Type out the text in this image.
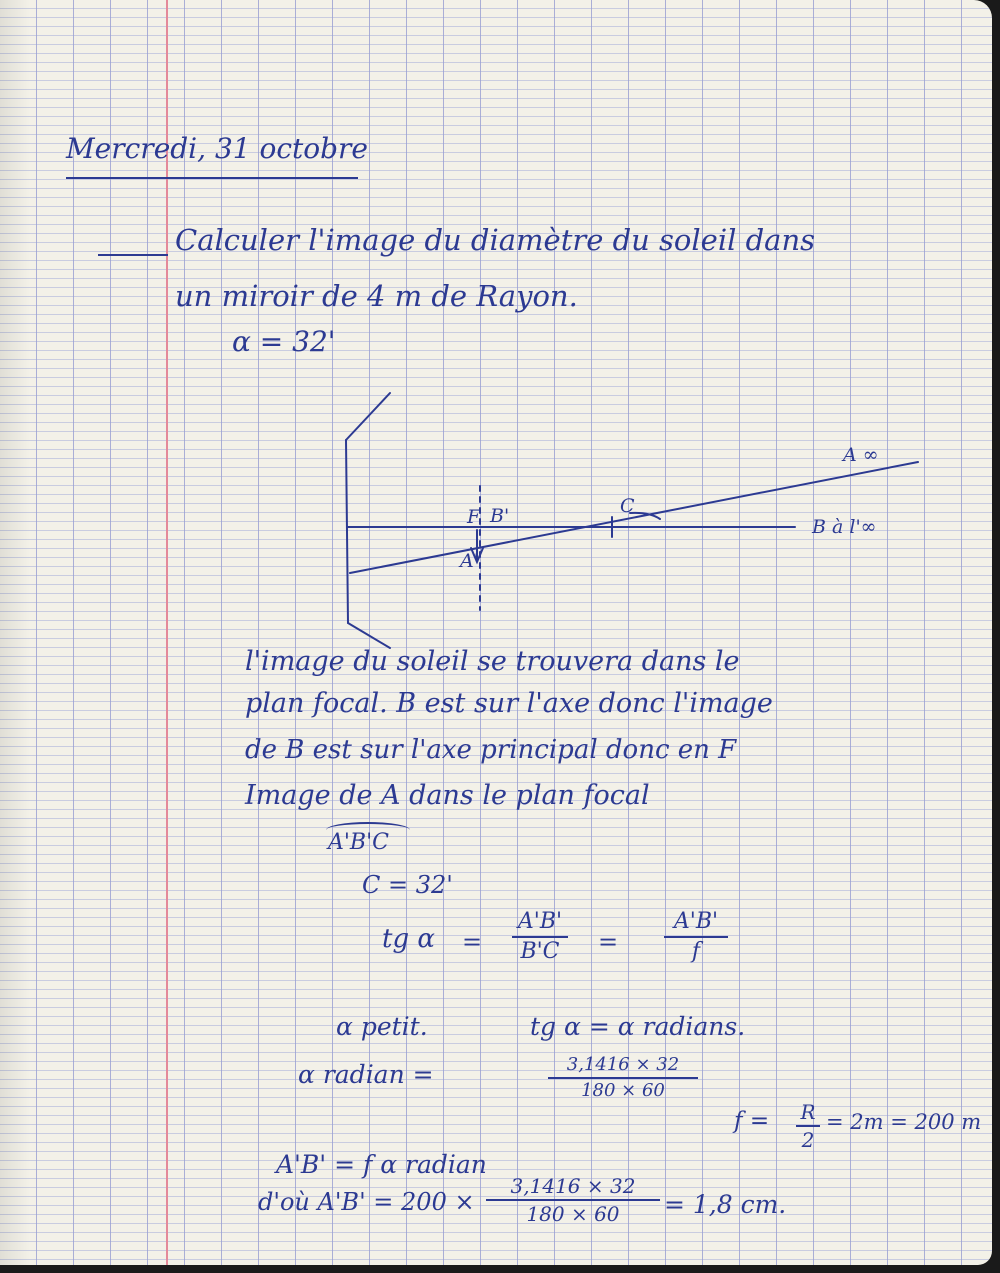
Mercredi, 31 octobre
Calculer l'image du diamètre du soleil dans
un miroir de 4 m de Rayon.
α = 32'
F B'
A'
C
A ∞
B à l'∞
l'image du soleil se trouvera dans le
plan focal. B est sur l'axe donc l'image
de B est sur l'axe principal donc en F
Image de A dans le plan focal
A'B'C
C = 32'
tg α =
A'B'
B'C	=
A'B'
f
α petit.	tg α = α radians.
α radian =	3,1416 × 32
180 × 60
f = R
2
= 2m = 200 m
A'B' = f α radian
d'où A'B' = 200 ×
3,1416 × 32
180 × 60	= 1,8 cm.
